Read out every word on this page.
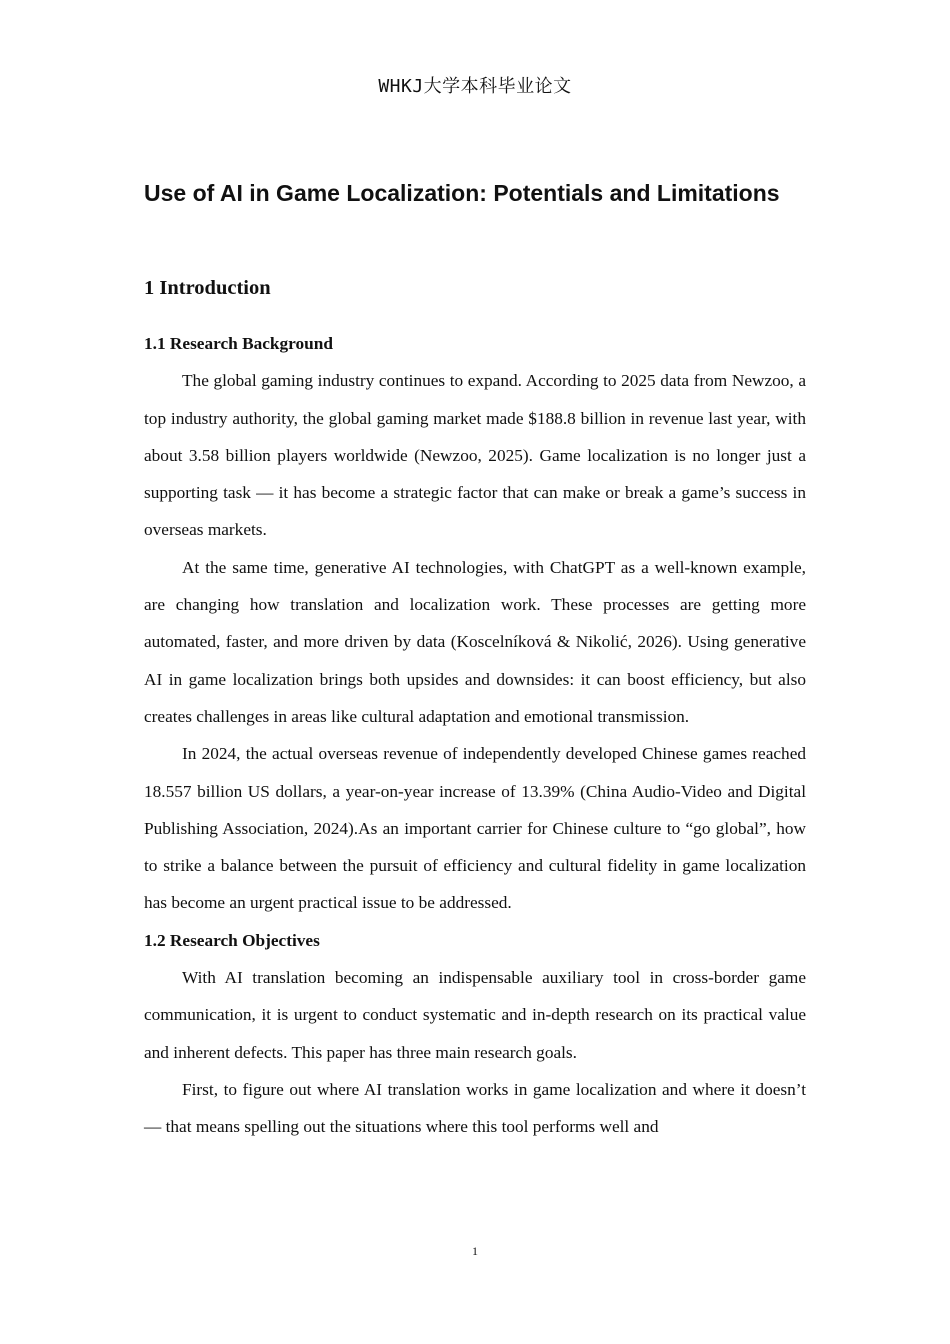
WHKJ大学本科毕业论文
Use of AI in Game Localization: Potentials and Limitations
1 Introduction
1.1 Research Background

The global gaming industry continues to expand. According to 2025 data from Newzoo, a top industry authority, the global gaming market made $188.8 billion in revenue last year, with about 3.58 billion players worldwide (Newzoo, 2025). Game localization is no longer just a supporting task — it has become a strategic factor that can make or break a game’s success in overseas markets.

At the same time, generative AI technologies, with ChatGPT as a well-known example, are changing how translation and localization work. These processes are getting more automated, faster, and more driven by data (Koscelníková & Nikolić, 2026). Using generative AI in game localization brings both upsides and downsides: it can boost efficiency, but also creates challenges in areas like cultural adaptation and emotional transmission.

In 2024, the actual overseas revenue of independently developed Chinese games reached 18.557 billion US dollars, a year-on-year increase of 13.39% (China Audio-Video and Digital Publishing Association, 2024).As an important carrier for Chinese culture to “go global”, how to strike a balance between the pursuit of efficiency and cultural fidelity in game localization has become an urgent practical issue to be addressed.

1.2 Research Objectives

With AI translation becoming an indispensable auxiliary tool in cross-border game communication, it is urgent to conduct systematic and in-depth research on its practical value and inherent defects. This paper has three main research goals.

First, to figure out where AI translation works in game localization and where it doesn’t — that means spelling out the situations where this tool performs well and

1
